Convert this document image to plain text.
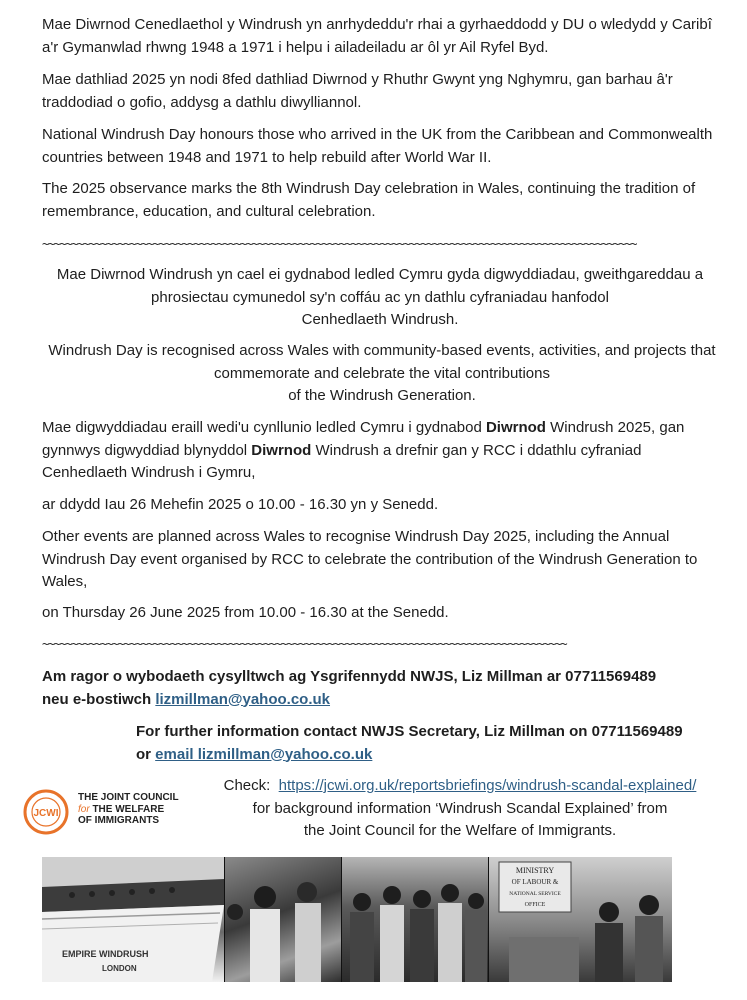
Mae Diwrnod Cenedlaethol y Windrush yn anrhydeddu'r rhai a gyrhaeddodd y DU o wledydd y Caribî a'r Gymanwlad rhwng 1948 a 1971 i helpu i ailadeiladu ar ôl yr Ail Ryfel Byd.

Mae dathliad 2025 yn nodi 8fed dathliad Diwrnod y Rhuthr Gwynt yng Nghymru, gan barhau â'r traddodiad o gofio, addysg a dathlu diwylliannol.

National Windrush Day honours those who arrived in the UK from the Caribbean and Commonwealth countries between 1948 and 1971 to help rebuild after World War II.

The 2025 observance marks the 8th Windrush Day celebration in Wales, continuing the tradition of remembrance, education, and cultural celebration.

~~~~~~~~~~~~~~~~~~~~~~~~~~~~~~~~~~~~~~~~~~~~~~~~~~~~~~~~~~~~~~~~~~~~~~~~~~~~~~~~~~~~~~~~~~~~~~~~~~~~~~
Mae Diwrnod Windrush yn cael ei gydnabod ledled Cymru gyda digwyddiadau, gweithgareddau a
phrosiectau cymunedol sy'n coffáu ac yn dathlu cyfraniadau hanfodol
Cenhedlaeth Windrush.
Windrush Day is recognised across Wales with community-based events, activities, and projects that
commemorate and celebrate the vital contributions
of the Windrush Generation.

Mae digwyddiadau eraill wedi'u cynllunio ledled Cymru i gydnabod Diwrnod Windrush 2025, gan gynnwys digwyddiad blynyddol Diwrnod Windrush a drefnir gan y RCC i ddathlu cyfraniad Cenhedlaeth Windrush i Gymru,

ar ddydd Iau 26 Mehefin 2025 o 10.00 - 16.30 yn y Senedd.

Other events are planned across Wales to recognise Windrush Day 2025, including the Annual Windrush Day event organised by RCC to celebrate the contribution of the Windrush Generation to Wales,

on Thursday 26 June 2025 from 10.00 - 16.30 at the Senedd.

~~~~~~~~~~~~~~~~~~~~~~~~~~~~~~~~~~~~~~~~~~~~~~~~~~~~~~~~~~~~~~~~~~~~~~~~~~~~~~~~~~~~~~~~~~
Am ragor o wybodaeth cysylltwch ag Ysgrifennydd NWJS, Liz Millman ar 07711569489
neu e-bostiwch lizmillman@yahoo.co.uk
For further information contact NWJS Secretary, Liz Millman on 07711569489
or email lizmillman@yahoo.co.uk
JCWI
THE JOINT COUNCIL
for THE WELFARE
OF IMMIGRANTS
Check:  https://jcwi.org.uk/reportsbriefings/windrush-scandal-explained/
for background information ‘Windrush Scandal Explained’ from
the Joint Council for the Welfare of Immigrants.
EMPIRE WINDRUSH
LONDON
MINISTRY
OF LABOUR &
NATIONAL SERVICE
OFFICE
